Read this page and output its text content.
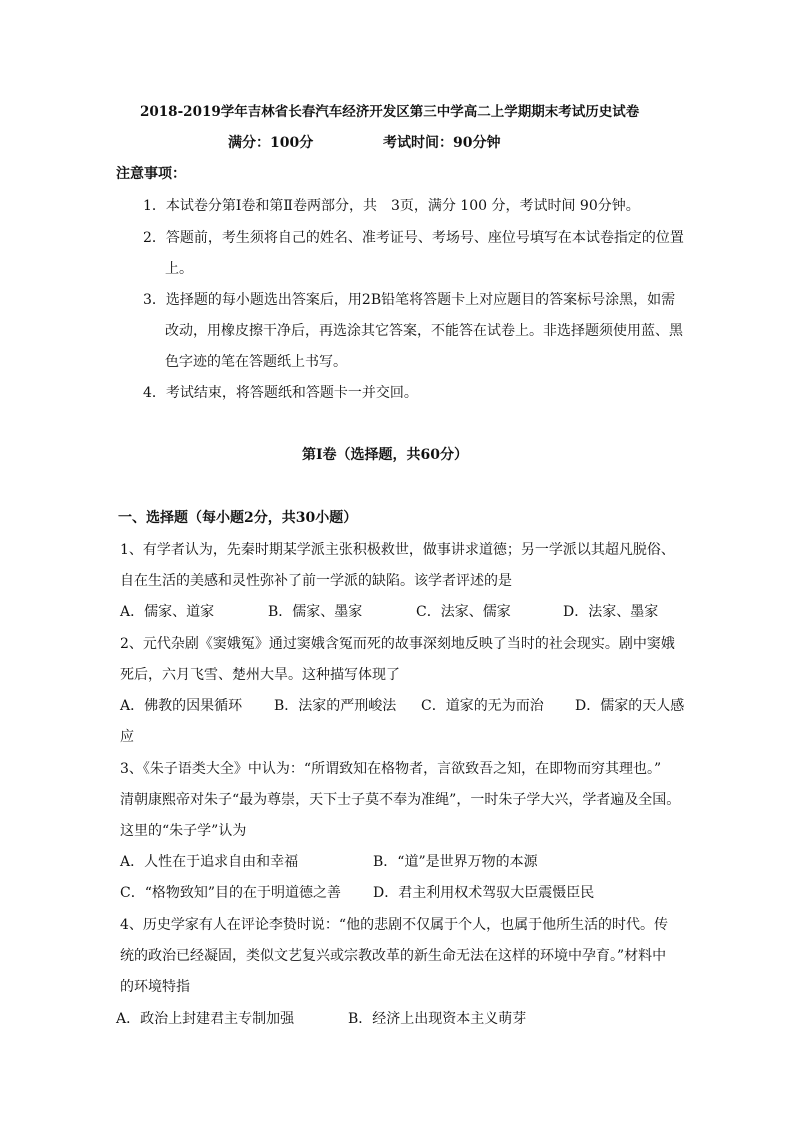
2018-2019学年吉林省长春汽车经济开发区第三中学高二上学期期末考试历史试卷
满分：100分	考试时间：90分钟
注意事项：
1．本试卷分第Ⅰ卷和第Ⅱ卷两部分，共　3页，满分 100 分，考试时间 90分钟。
2．答题前，考生须将自己的姓名、准考证号、考场号、座位号填写在本试卷指定的位置
上。
3．选择题的每小题选出答案后，用2B铅笔将答题卡上对应题目的答案标号涂黑，如需
改动，用橡皮擦干净后，再选涂其它答案，不能答在试卷上。非选择题须使用蓝、黑
色字迹的笔在答题纸上书写。
4．考试结束，将答题纸和答题卡一并交回。
第Ⅰ卷（选择题，共60分）
一、选择题（每小题2分，共30小题）
1、有学者认为，先秦时期某学派主张积极救世，做事讲求道德；另一学派以其超凡脱俗、
自在生活的美感和灵性弥补了前一学派的缺陷。该学者评述的是
A．儒家、道家	B．儒家、墨家	C．法家、儒家	D．法家、墨家
2、元代杂剧《窦娥冤》通过窦娥含冤而死的故事深刻地反映了当时的社会现实。剧中窦娥
死后，六月飞雪、楚州大旱。这种描写体现了
A．佛教的因果循环 B．法家的严刑峻法 C．道家的无为而治 D．儒家的天人感
应
3、《朱子语类大全》中认为：“所谓致知在格物者，言欲致吾之知，在即物而穷其理也。”
清朝康熙帝对朱子“最为尊崇，天下士子莫不奉为准绳”，一时朱子学大兴，学者遍及全国。
这里的“朱子学”认为
A．人性在于追求自由和幸福	B．“道”是世界万物的本源
C．“格物致知”目的在于明道德之善 D．君主利用权术驾驭大臣震慑臣民
4、历史学家有人在评论李贽时说：“他的悲剧不仅属于个人，也属于他所生活的时代。传
统的政治已经凝固，类似文艺复兴或宗教改革的新生命无法在这样的环境中孕育。”材料中
的环境特指
A．政治上封建君主专制加强	B．经济上出现资本主义萌芽
